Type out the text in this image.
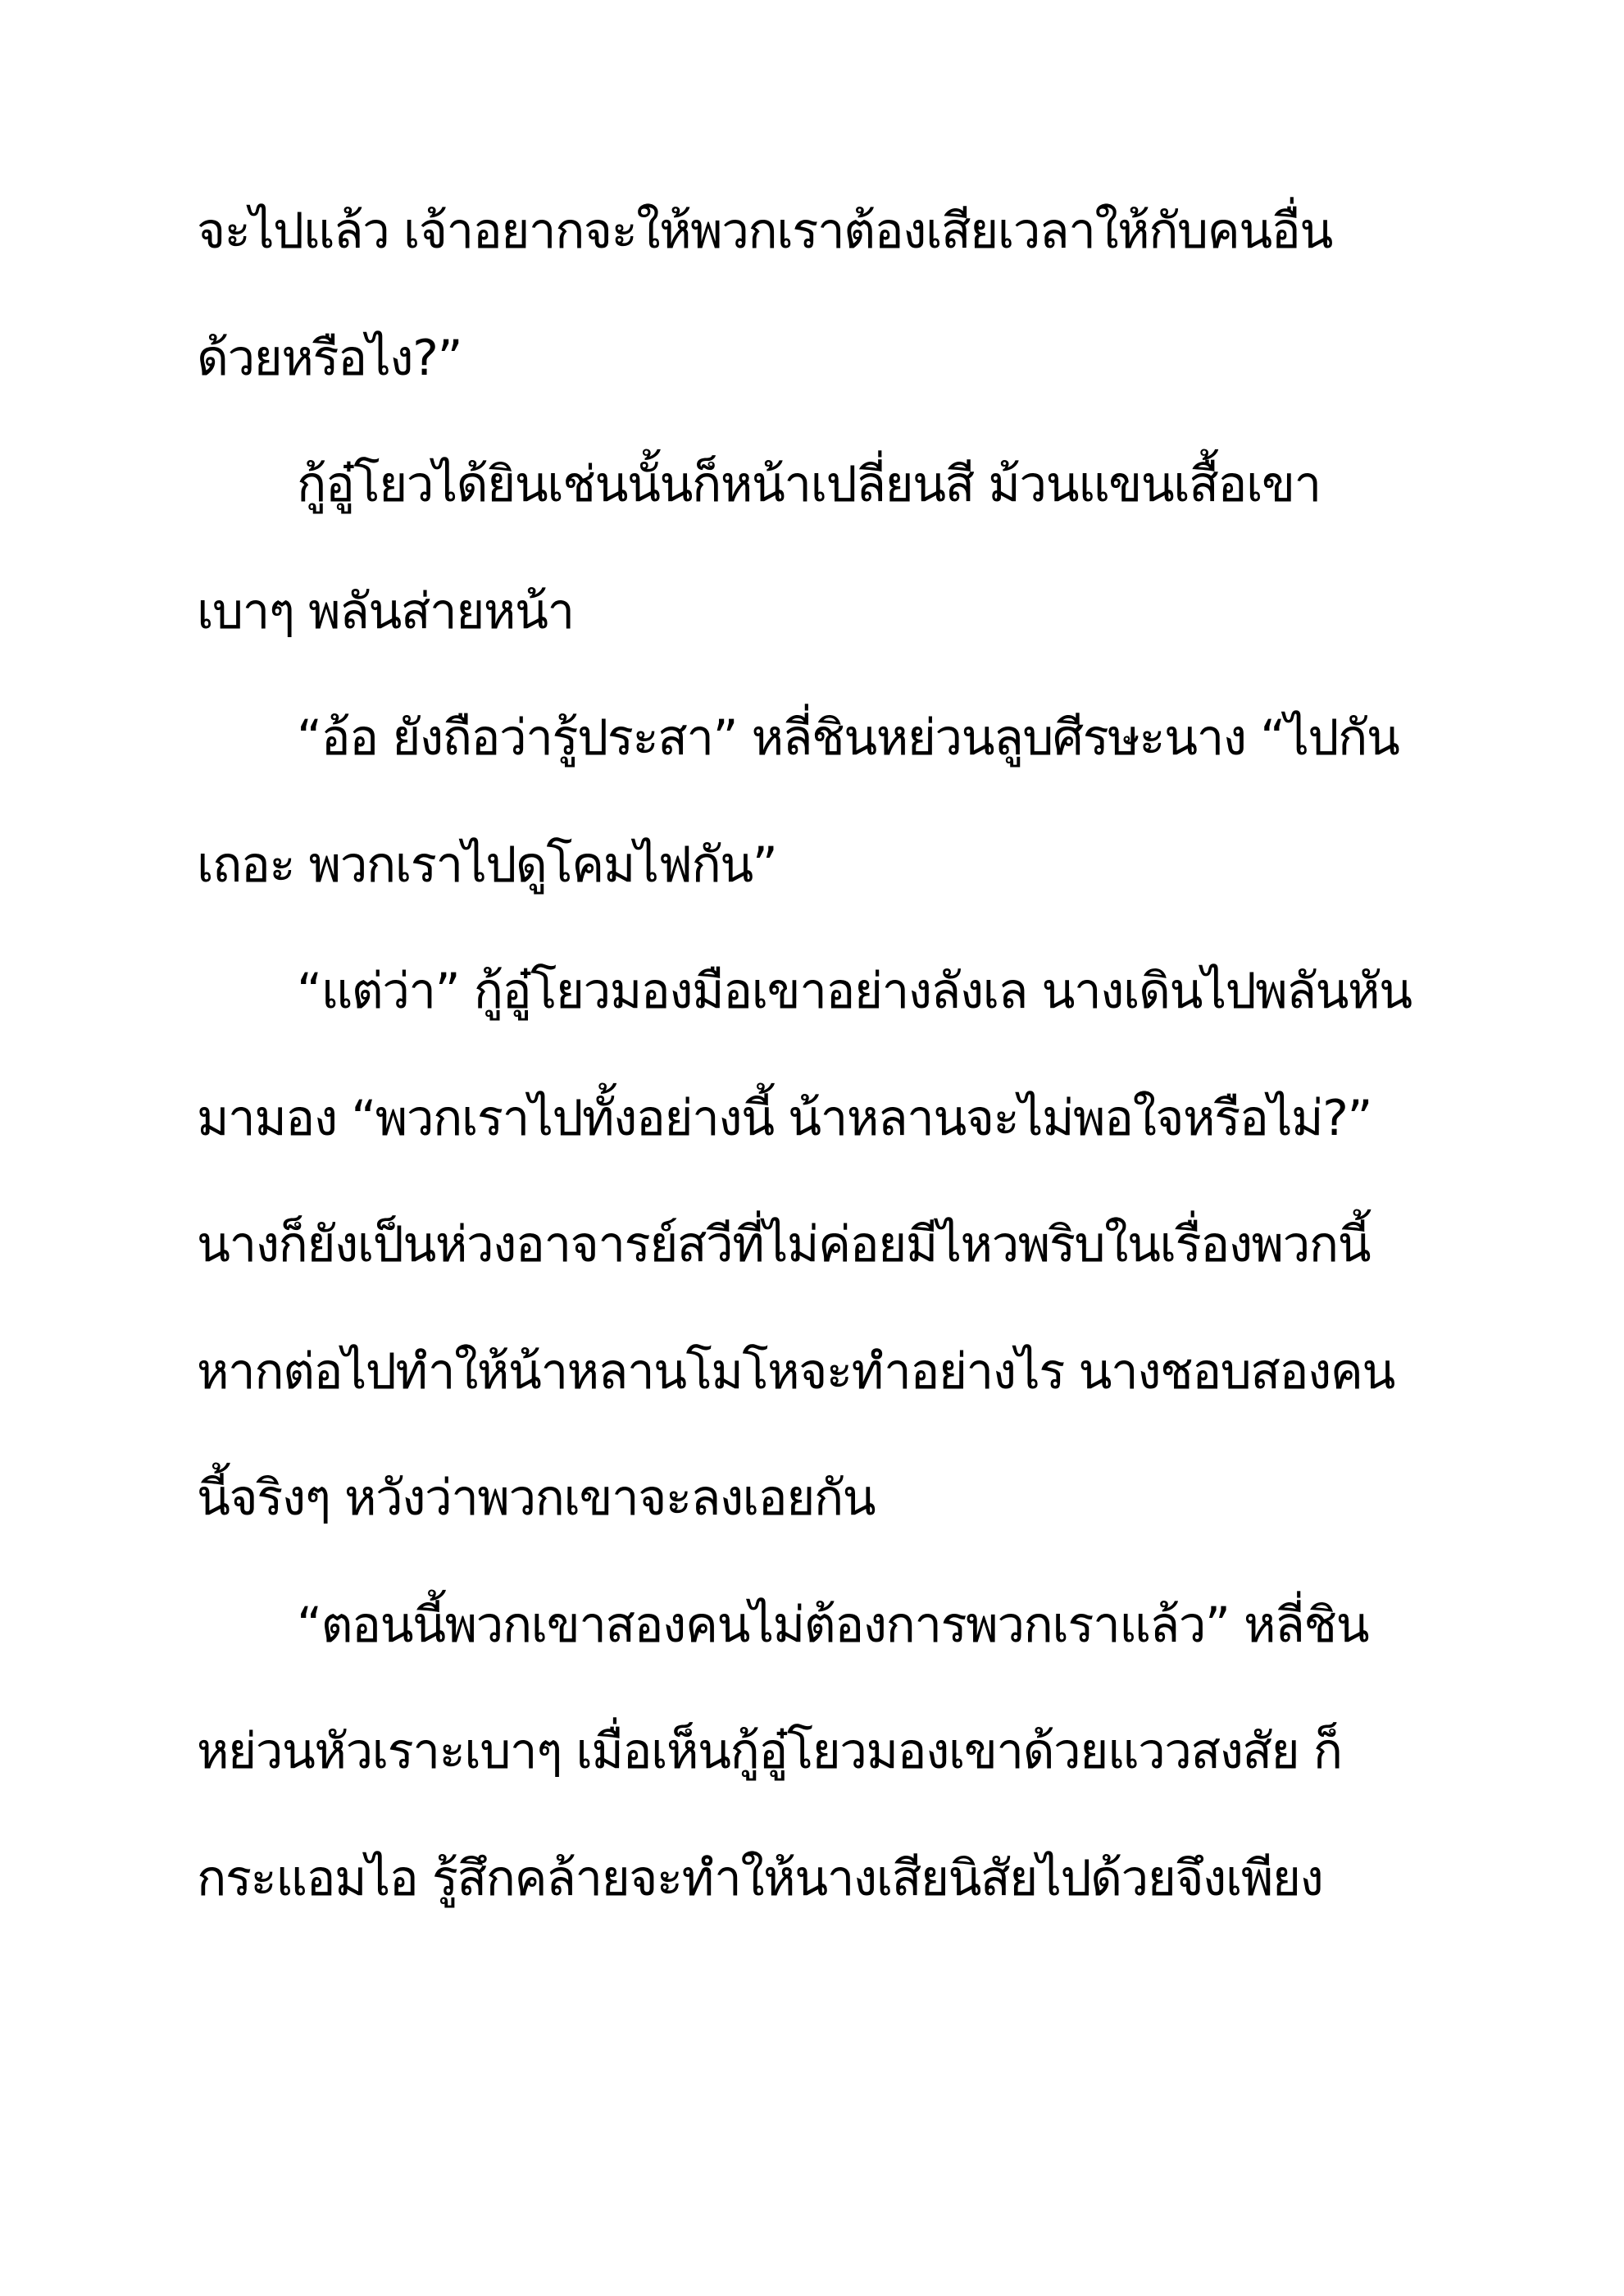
จะไปแล้ว เจ้าอยากจะให้พวกเราต้องเสียเวลาให้กับคนอื่น
ด้วยหรือไง?”
กู้อู๋โยวได้ยินเช่นนั้นก็หน้าเปลี่ยนสี ม้วนแขนเสื้อเขา
เบาๆ พลันส่ายหน้า
“อ้อ ยังถือว่ารู้ประสา” หลี่ชินหย่วนลูบศีรษะนาง “ไปกัน
เถอะ พวกเราไปดูโคมไฟกัน”
“แต่ว่า” กู้อู๋โยวมองมือเขาอย่างลังเล นางเดินไปพลันหัน
มามอง “พวกเราไปทั้งอย่างนี้ น้าหลานจะไม่พอใจหรือไม่?”
นางก็ยังเป็นห่วงอาจารย์สวีที่ไม่ค่อยมีไหวพริบในเรื่องพวกนี้
หากต่อไปทำให้น้าหลานโมโหจะทำอย่างไร นางชอบสองคน
นี้จริงๆ หวังว่าพวกเขาจะลงเอยกัน
“ตอนนี้พวกเขาสองคนไม่ต้องการพวกเราแล้ว” หลี่ชิน
หย่วนหัวเราะเบาๆ เมื่อเห็นกู้อู๋โยวมองเขาด้วยแววสงสัย ก็
กระแอมไอ รู้สึกคล้ายจะทำให้นางเสียนิสัยไปด้วยจึงเพียง
